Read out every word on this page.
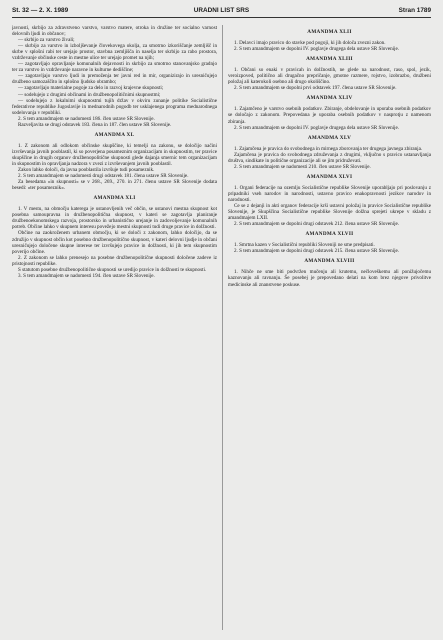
St. 32 — 2. X. 1989	URADNI LIST SRS	Stran 1789
javnosti, skrbijo za zdravstveno varstvo, varstvo matere, otroka in družine ter socialno varnost delovnih ljudi in občanov;
— skrbijo za varstvo živali;
— skrbijo za varstvo in izboljševanje človekovega okolja, za smotrno izkoriščanje zemljišč in skrbe v splošni rabi ter urejajo prostor, stavbna zemljišča in naselja ter skrbijo za rabo prostora, vzdrževanje občinske ceste in mestne ulice ter urejajo promet na njih;
— zagotavljajo opravljanje komunalnih dejavnosti in skrbijo za smotrno stanovanjsko gradnjo ter za varstvo in vzdrževanje naravne in kulturne dediščine;
— zagotavljajo varstvo ljudi in premoženja ter javni red in mir, organizirajo in uresničujejo družbeno samozaščito in splošno ljudsko obrambo;
— zagotavljajo materialne pogoje za delo in razvoj krajevne skupnosti;
— sodelujejo z drugimi občinami in družbenopolitičnimi skupnostmi;
— sodelujejo z lokalnimi skupnostmi tujih držav v okviru zunanje politike Socialistične federativne republike Jugoslavije in mednarodnih pogodb ter usklajenega programa mednarodnega sodelovanja v republiki.
2. S tem amandmajem se nadomesti 186. člen ustave SR Slovenije.
Razveljavita se drugi odstavek 183. člena in 187. člen ustave SR Slovenije.
AMANDMA XL
1. Z zakonom ali odlokom občinske skupščine, ki temelji na zakonu, se določijo načini izvrševanja javnih pooblastil, ki so poverjena posameznim organizacijam in skupnostim, ter pravice skupščine in drugih organov družbenopolitične skupnosti glede dajanja smernic tem organizacijam in skupnostim in opravljanja nadzora v zvezi z izvrševanjem javnih pooblastil.
Zakon lahko določi, da javna pooblastila izvršuje tudi posameznik.
2. S tem amandmajem se nadomesti drugi odstavek 181. člena ustave SR Slovenije.
Za besedama »in skupnosti« se v 268., 269., 270. in 271. členu ustave SR Slovenije dodata besedi: »ter posameznik«.
AMANDMA XLI
1. V mestu, na območju katerega je ustanovljenih več občin, se ustanovi mestna skupnost kot posebna samoupravna in družbenopolitična skupnost, v kateri se zagotavlja planiranje družbenoekonomskega razvoja, prostorsko in urbanistično urejanje in zadovoljevanje komunalnih potreb. Občine lahko v skupnem interesu povežejo mestni skupnosti tudi druge pravice in dolžnosti.
Občine na zaokroženem urbanem območju, ki se določi z zakonom, lahko določijo, da se združijo v skupnost občin kot posebno družbenopolitično skupnost, v kateri delovni ljudje in občani uresničujejo določene skupne interese ter izvršujejo pravice in dolžnosti, ki jih tem skupnostim poverijo občine.
2. Z zakonom se lahko prenesejo na posebne družbenopolitične skupnosti določene zadeve iz pristojnosti republike.
S statutom posebne družbenopolitične skupnosti se uredijo pravice in dolžnosti te skupnosti.
3. S tem amandmajem se nadomesti 194. člen ustave SR Slovenije.
AMANDMA XLII
1. Delavci imajo pravico do stavke pod pogoji, ki jih določa zvezni zakon.
2. S tem amandmajem se dopolni IV. poglavje drugega dela ustave SR Slovenije.
AMANDMA XLIII
1. Občani so enaki v pravicah in dolžnostih, ne glede na narodnost, raso, spol, jezik, veroizpoved, politično ali drugačno prepričanje, gmotne razmere, rojstvo, izobrazbo, družbeni položaj ali katerokoli osebno ali drugo okoliščino.
2. S tem amandmajem se dopolni prvi odstavek 197. člena ustave SR Slovenije.
AMANDMA XLIV
1. Zajamčeno je varstvo osebnih podatkov. Zbiranje, obdelovanje in uporaba osebnih podatkov se določajo z zakonom. Prepovedana je uporaba osebnih podatkov v nasprotju z namenom zbiranja.
2. S tem amandmajem se dopolni IV. poglavje drugega dela ustave SR Slovenije.
AMANDMA XLV
1. Zajamčena je pravica do svobodnega in mirnega zborovanja ter drugega javnega zbiranja.
Zajamčena je pravica do svobodnega združevanja z drugimi, vključno s pravico ustanavljanja društva, sindikate in politične organizacije ali se jim pridruževati.
2. S tem amandmajem se nadomesti 210. člen ustave SR Slovenije.
AMANDMA XLVI
1. Organi federacije na ozemlju Socialistične republike Slovenije uporabljajo pri poslovanju z pripadniki vseh narodov in narodnosti, ustavno pravico enakopravnosti jezikov narodov in narodnosti.
Ce se z dejanji in akti organov federacije krši ustavni položaj in pravice Socialistične republike Slovenije, je Skupščina Socialistične republike Slovenije dolžna sprejeti ukrepe v skladu z amandmajem LXII.
2. S tem amandmajem se dopolni drugi odstavek 212. člena ustave SR Slovenije.
AMANDMA XLVII
1. Smrtna kazen v Socialistični republiki Sloveniji ne sme predpisati.
2. S tem amandmajem se dopolni drugi odstavek 215. člena ustave SR Slovenije.
AMANDMA XLVIII
1. Nihče ne sme biti podvržen mučenju ali krutemu, nečloveškemu ali ponižujočemu kaznovanju ali ravnanju. Še posebej je prepovedano delati na kom brez njegove privolitve medicinske ali znanstvene poskuse.
